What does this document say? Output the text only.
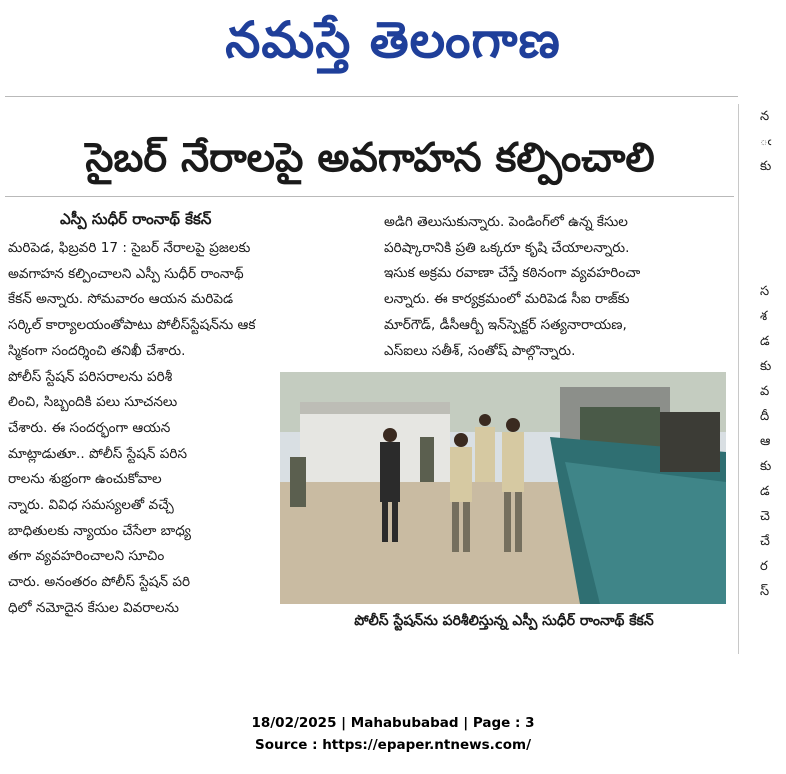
నమస్తే తెలంగాణ
సైబర్ నేరాలపై అవగాహన కల్పించాలి
ఎస్పీ సుధీర్ రాంనాథ్ కేకన్
మరిపెడ, ఫిబ్రవరి 17 : సైబర్ నేరాలపై ప్రజలకు
అవగాహన కల్పించాలని ఎస్పీ సుధీర్ రాంనాథ్
కేకన్ అన్నారు. సోమవారం ఆయన మరిపెడ
సర్కిల్ కార్యాలయంతోపాటు పోలీస్‌స్టేషన్‌ను ఆక
స్మికంగా సందర్శించి తనిఖీ చేశారు.
పోలీస్ స్టేషన్ పరిసరాలను పరిశీ
లించి, సిబ్బందికి పలు సూచనలు
చేశారు. ఈ సందర్భంగా ఆయన
మాట్లాడుతూ.. పోలీస్ స్టేషన్ పరిస
రాలను శుభ్రంగా ఉంచుకోవాల
న్నారు. వివిధ సమస్యలతో వచ్చే
బాధితులకు న్యాయం చేసేలా బాధ్య
తగా వ్యవహరించాలని సూచిం
చారు. అనంతరం పోలీస్ స్టేషన్ పరి
ధిలో నమోదైన కేసుల వివరాలను
అడిగి తెలుసుకున్నారు. పెండింగ్‌లో ఉన్న కేసుల
పరిష్కారానికి ప్రతి ఒక్కరూ కృషి చేయాలన్నారు.
ఇసుక అక్రమ రవాణా చేస్తే కఠినంగా వ్యవహరించా
లన్నారు. ఈ కార్యక్రమంలో మరిపెడ సీఐ రాజ్‌కు
మార్‌గౌడ్, డీసీఆర్బీ ఇన్‌స్పెక్టర్ సత్యనారాయణ,
ఎస్ఐలు సతీశ్, సంతోష్ పాల్గొన్నారు.
పోలీస్ స్టేషన్‌ను పరిశీలిస్తున్న ఎస్పీ సుధీర్ రాంనాథ్ కేకన్
న
ఁ
కు
స
శ
డ
కు
వ
దీ
ఆ
కు
డ
చె
చే
ర
స్
18/02/2025 | Mahabubabad | Page : 3
Source : https://epaper.ntnews.com/
